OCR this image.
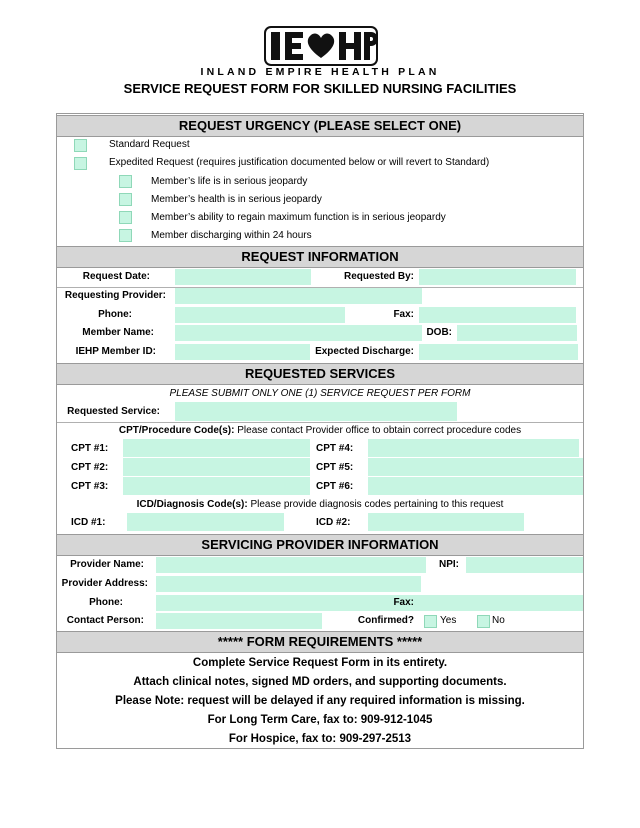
INLAND EMPIRE HEALTH PLAN
SERVICE REQUEST FORM FOR SKILLED NURSING FACILITIES
REQUEST URGENCY (PLEASE SELECT ONE)
Standard Request
Expedited Request (requires justification documented below or will revert to Standard)
Member’s life is in serious jeopardy
Member’s health is in serious jeopardy
Member’s ability to regain maximum function is in serious jeopardy
Member discharging within 24 hours
REQUEST INFORMATION
Request Date:	Requested By:
Requesting Provider:
Phone:	Fax:
Member Name:	DOB:
IEHP Member ID:	Expected Discharge:
REQUESTED SERVICES
PLEASE SUBMIT ONLY ONE (1) SERVICE REQUEST PER FORM
Requested Service:
CPT/Procedure Code(s): Please contact Provider office to obtain correct procedure codes
CPT #1:	CPT #4:
CPT #2:	CPT #5:
CPT #3:	CPT #6:
ICD/Diagnosis Code(s): Please provide diagnosis codes pertaining to this request
ICD #1:	ICD #2:
SERVICING PROVIDER INFORMATION
Provider Name:	NPI:
Provider Address:
Phone:	Fax:
Contact Person:	Confirmed?	Yes	No
***** FORM REQUIREMENTS *****
Complete Service Request Form in its entirety.
Attach clinical notes, signed MD orders, and supporting documents.
Please Note: request will be delayed if any required information is missing.
For Long Term Care, fax to: 909-912-1045
For Hospice, fax to: 909-297-2513
